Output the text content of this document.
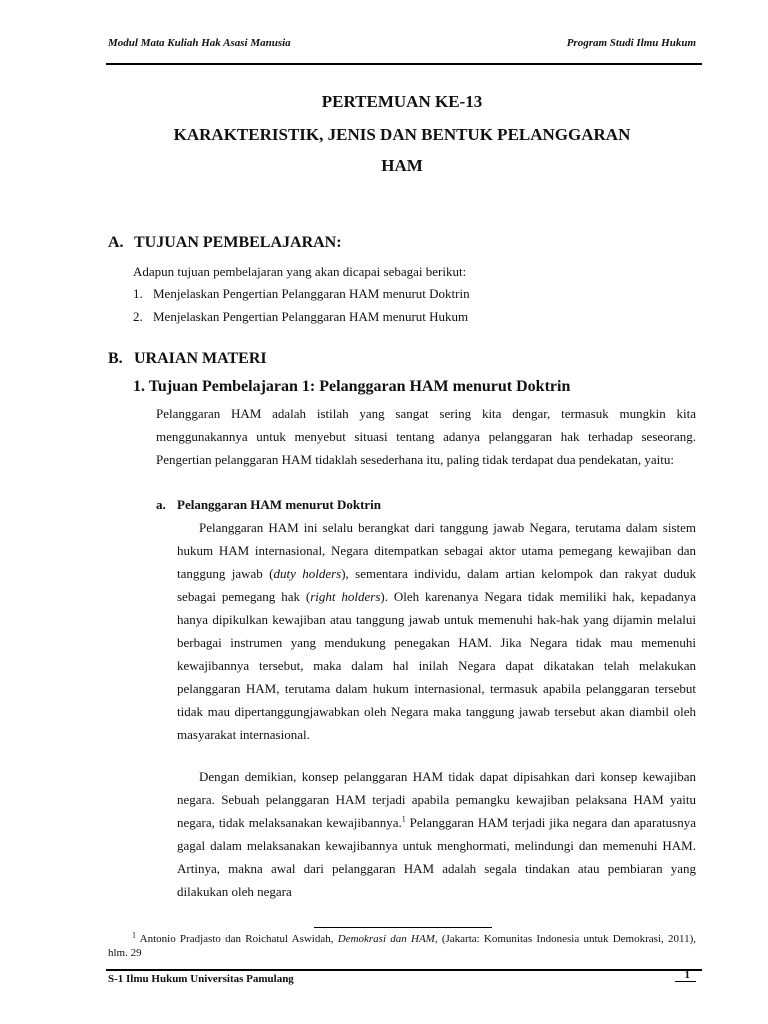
Modul Mata Kuliah Hak Asasi Manusia	Program Studi Ilmu Hukum
PERTEMUAN KE-13
KARAKTERISTIK, JENIS DAN BENTUK PELANGGARAN
HAM
A. TUJUAN PEMBELAJARAN:
Adapun tujuan pembelajaran yang akan dicapai sebagai berikut:
1. Menjelaskan Pengertian Pelanggaran HAM menurut Doktrin
2. Menjelaskan Pengertian Pelanggaran HAM menurut Hukum
B. URAIAN MATERI
1. Tujuan Pembelajaran 1: Pelanggaran HAM menurut Doktrin

Pelanggaran HAM adalah istilah yang sangat sering kita dengar, termasuk mungkin kita menggunakannya untuk menyebut situasi tentang adanya pelanggaran hak terhadap seseorang. Pengertian pelanggaran HAM tidaklah sesederhana itu, paling tidak terdapat dua pendekatan, yaitu:

a. Pelanggaran HAM menurut Doktrin

Pelanggaran HAM ini selalu berangkat dari tanggung jawab Negara, terutama dalam sistem hukum HAM internasional, Negara ditempatkan sebagai aktor utama pemegang kewajiban dan tanggung jawab (duty holders), sementara individu, dalam artian kelompok dan rakyat duduk sebagai pemegang hak (right holders). Oleh karenanya Negara tidak memiliki hak, kepadanya hanya dipikulkan kewajiban atau tanggung jawab untuk memenuhi hak-hak yang dijamin melalui berbagai instrumen yang mendukung penegakan HAM. Jika Negara tidak mau memenuhi kewajibannya tersebut, maka dalam hal inilah Negara dapat dikatakan telah melakukan pelanggaran HAM, terutama dalam hukum internasional, termasuk apabila pelanggaran tersebut tidak mau dipertanggungjawabkan oleh Negara maka tanggung jawab tersebut akan diambil oleh masyarakat internasional.

Dengan demikian, konsep pelanggaran HAM tidak dapat dipisahkan dari konsep kewajiban negara. Sebuah pelanggaran HAM terjadi apabila pemangku kewajiban pelaksana HAM yaitu negara, tidak melaksanakan kewajibannya.$^1$ Pelanggaran HAM terjadi jika negara dan aparatusnya gagal dalam melaksanakan kewajibannya untuk menghormati, melindungi dan memenuhi HAM. Artinya, makna awal dari pelanggaran HAM adalah segala tindakan atau pembiaran yang dilakukan oleh negara

$^1$ Antonio Pradjasto dan Roichatul Aswidah, Demokrasi dan HAM, (Jakarta: Komunitas Indonesia untuk Demokrasi, 2011), hlm. 29

S-1 Ilmu Hukum Universitas Pamulang	1
